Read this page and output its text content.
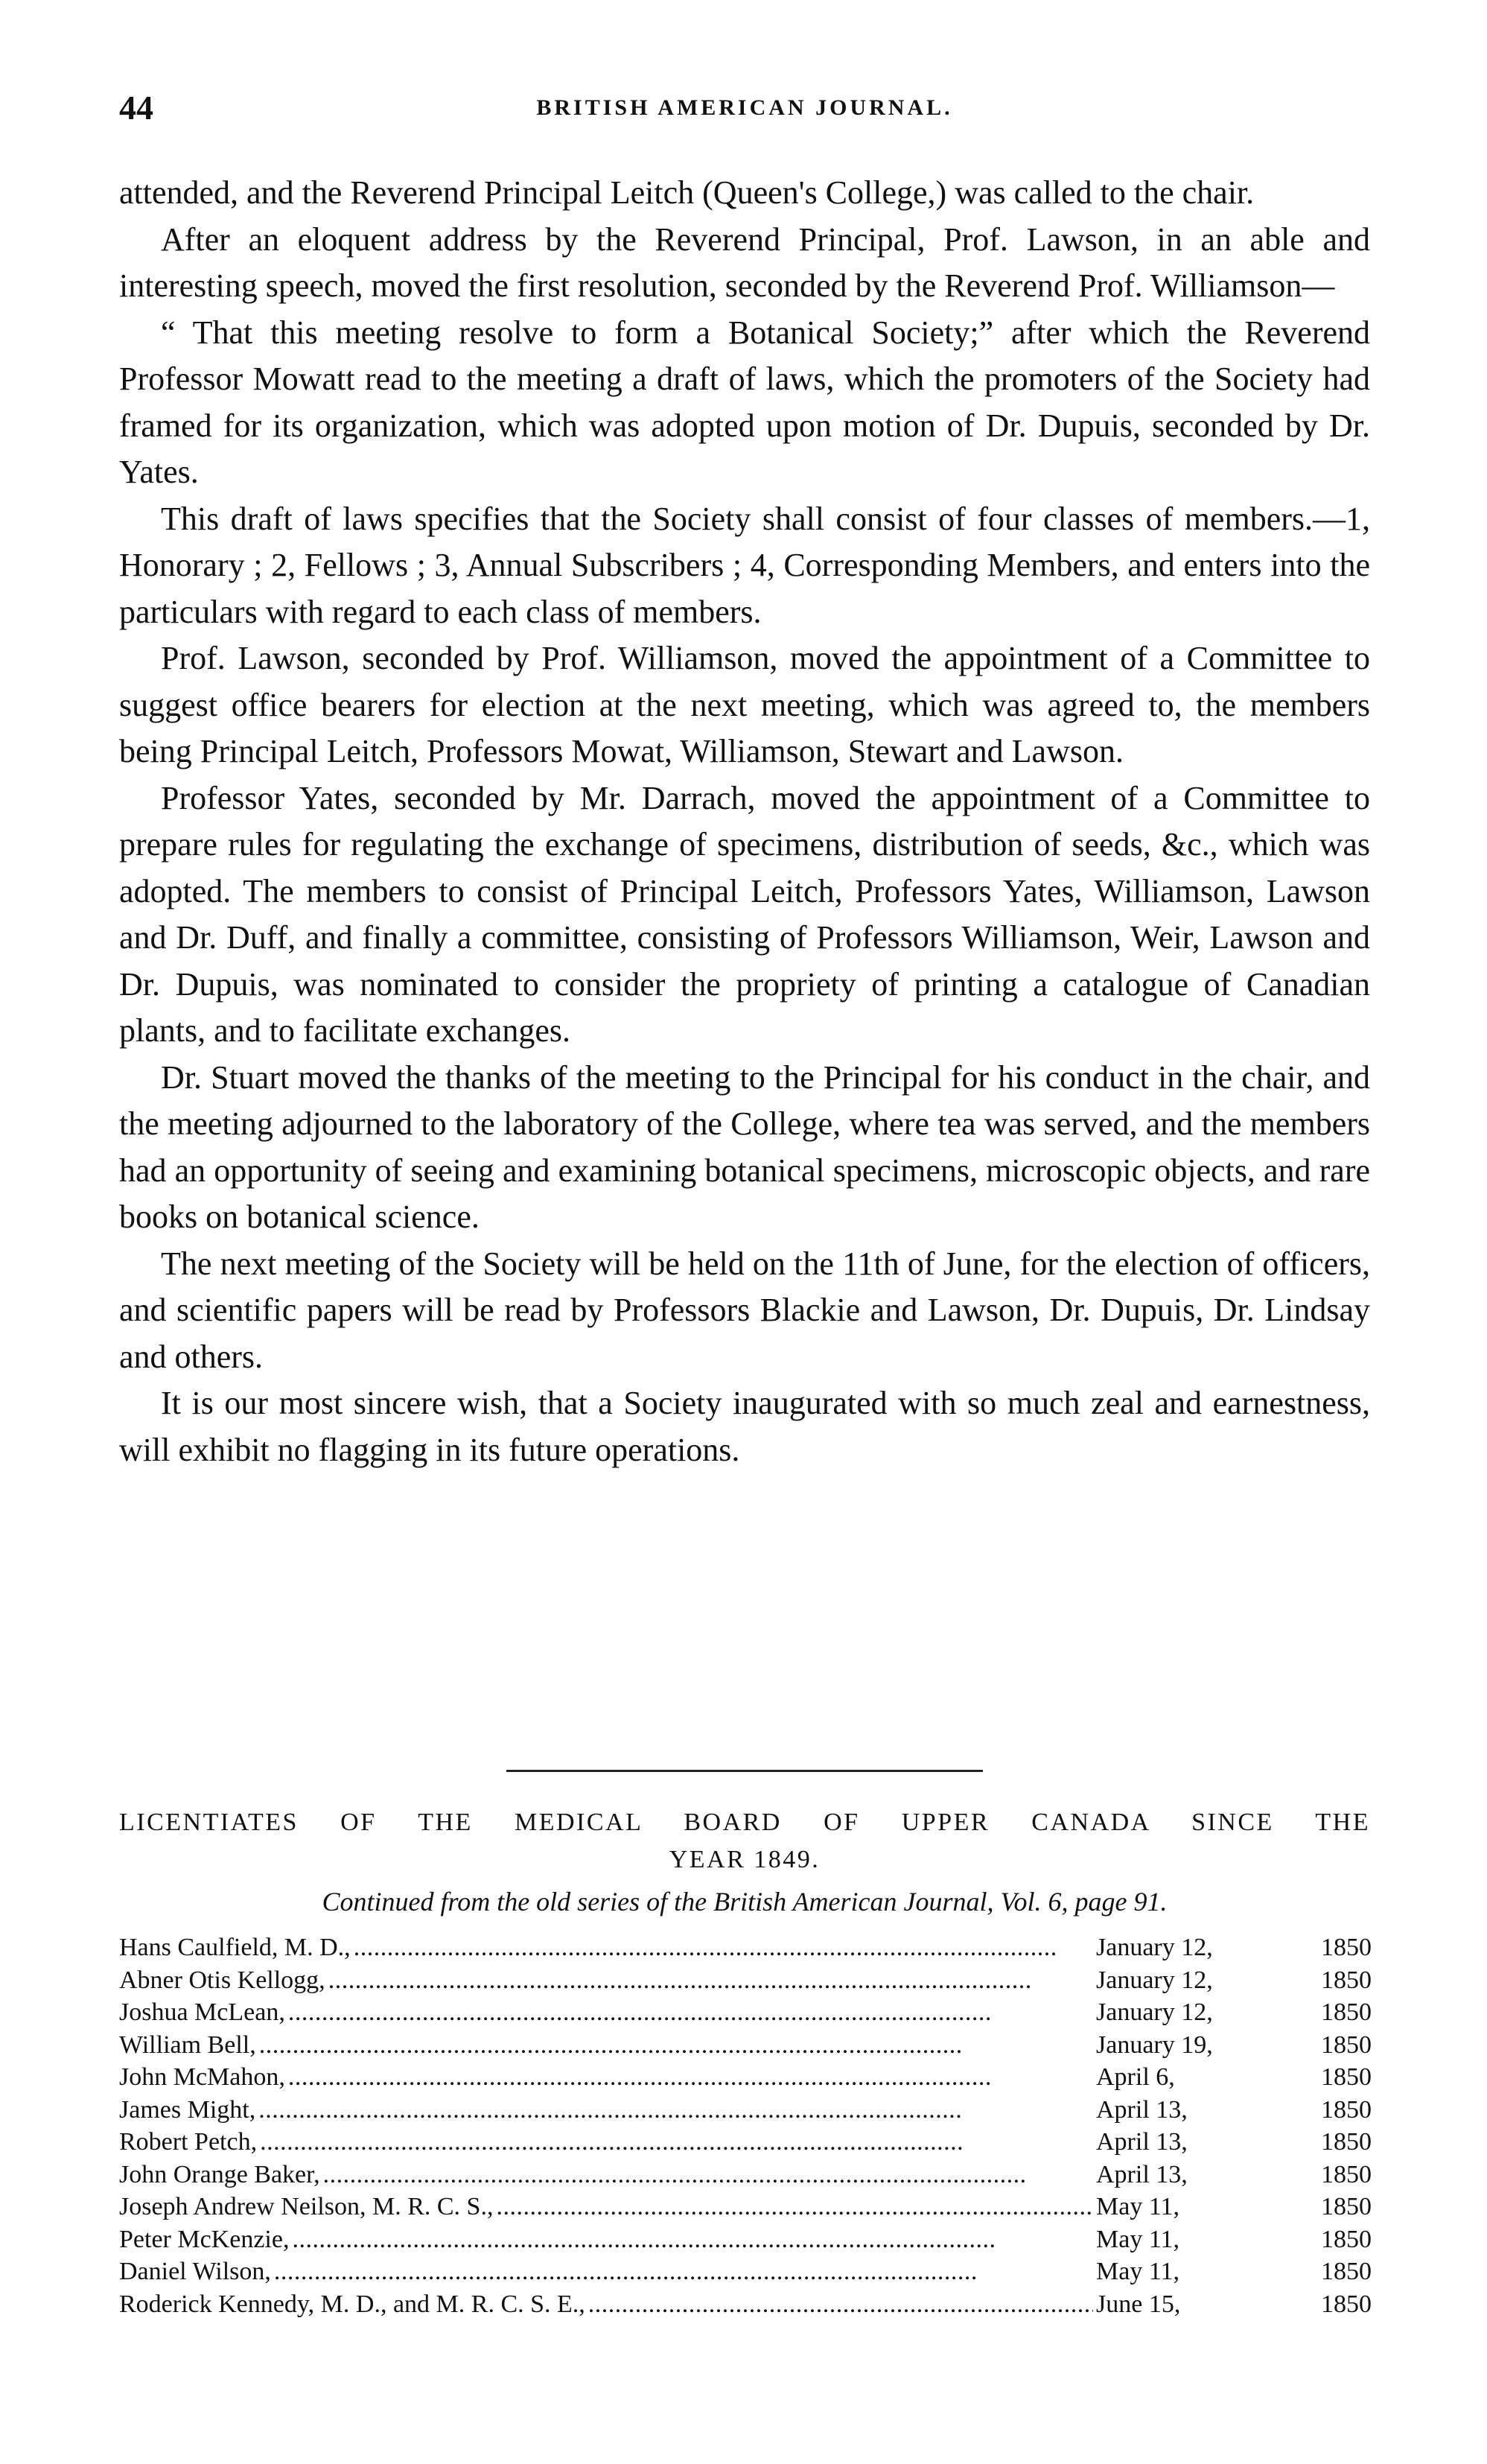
44	BRITISH AMERICAN JOURNAL.

attended, and the Reverend Principal Leitch (Queen's College,) was called to the chair.

After an eloquent address by the Reverend Principal, Prof. Lawson, in an able and interesting speech, moved the first resolution, seconded by the Reverend Prof. Williamson—

“ That this meeting resolve to form a Botanical Society;” after which the Reverend Professor Mowatt read to the meeting a draft of laws, which the promoters of the Society had framed for its organization, which was adopted upon motion of Dr. Dupuis, seconded by Dr. Yates.

This draft of laws specifies that the Society shall consist of four classes of members.—1, Honorary ; 2, Fellows ; 3, Annual Subscribers ; 4, Corresponding Members, and enters into the particulars with regard to each class of members.

Prof. Lawson, seconded by Prof. Williamson, moved the appointment of a Committee to suggest office bearers for election at the next meeting, which was agreed to, the members being Principal Leitch, Professors Mowat, Williamson, Stewart and Lawson.

Professor Yates, seconded by Mr. Darrach, moved the appointment of a Committee to prepare rules for regulating the exchange of specimens, distribution of seeds, &c., which was adopted. The members to consist of Principal Leitch, Professors Yates, Williamson, Lawson and Dr. Duff, and finally a committee, consisting of Professors Williamson, Weir, Lawson and Dr. Dupuis, was nominated to consider the propriety of printing a catalogue of Canadian plants, and to facilitate exchanges.

Dr. Stuart moved the thanks of the meeting to the Principal for his conduct in the chair, and the meeting adjourned to the laboratory of the College, where tea was served, and the members had an opportunity of seeing and examining botanical specimens, microscopic objects, and rare books on botanical science.

The next meeting of the Society will be held on the 11th of June, for the election of officers, and scientific papers will be read by Professors Blackie and Lawson, Dr. Dupuis, Dr. Lindsay and others.

It is our most sincere wish, that a Society inaugurated with so much zeal and earnestness, will exhibit no flagging in its future operations.

LICENTIATES OF THE MEDICAL BOARD OF UPPER CANADA SINCE THE
YEAR 1849.
Continued from the old series of the British American Journal, Vol. 6, page 91.
Hans Caulfield, M. D., . . .	January 12,	1850
Abner Otis Kellogg, . . .	January 12,	1850
Joshua McLean, . . .	January 12,	1850
William Bell, . . .	January 19,	1850
John McMahon, . . .	April 6,	1850
James Might, . . .	April 13,	1850
Robert Petch, . . .	April 13,	1850
John Orange Baker, . . .	April 13,	1850
Joseph Andrew Neilson, M. R. C. S., . . .	May 11,	1850
Peter McKenzie, . . .	May 11,	1850
Daniel Wilson, . . .	May 11,	1850
Roderick Kennedy, M. D., and M. R. C. S. E., . . .	June 15,	1850
